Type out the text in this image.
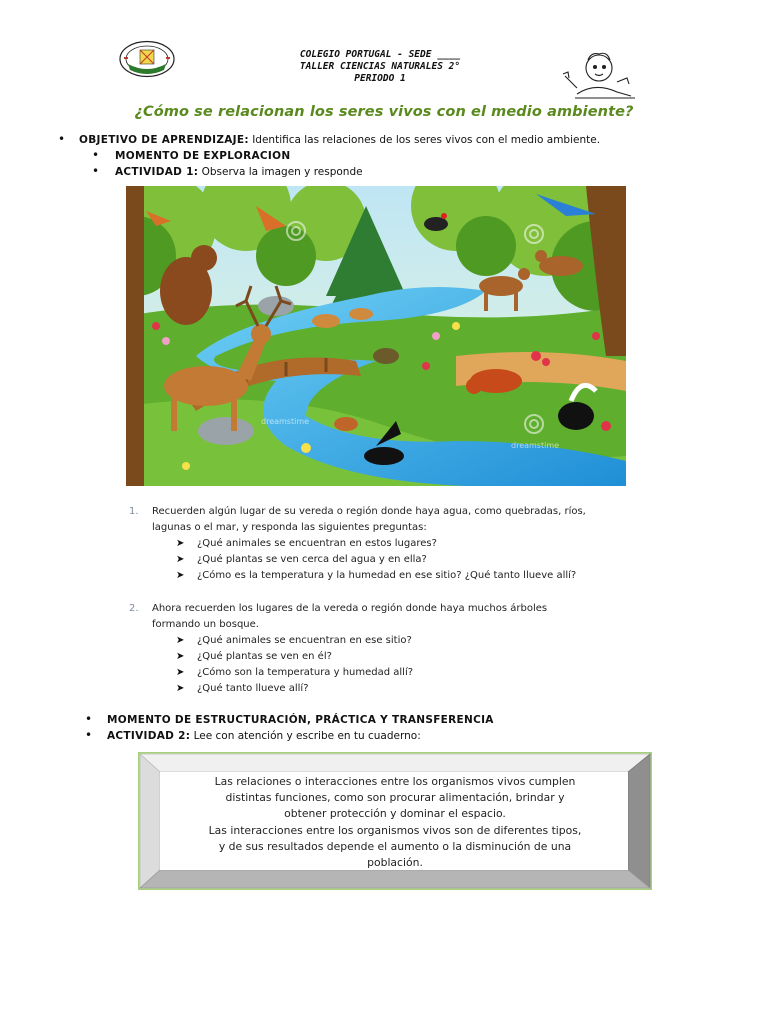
COLEGIO PORTUGAL - SEDE ____
TALLER CIENCIAS NATURALES 2°
PERIODO 1
¿Cómo se relacionan los seres vivos con el medio ambiente?
• OBJETIVO DE APRENDIZAJE: Identifica las relaciones de los seres vivos con el medio ambiente.
• MOMENTO DE EXPLORACION
• ACTIVIDAD 1: Observa la imagen y responde
dreamstime
dreamstime
1. Recuerden algún lugar de su vereda o región donde haya agua, como quebradas, ríos,
lagunas o el mar, y responda las siguientes preguntas:
➤ ¿Qué animales se encuentran en estos lugares?
➤ ¿Qué plantas se ven cerca del agua y en ella?
➤ ¿Cómo es la temperatura y la humedad en ese sitio? ¿Qué tanto llueve allí?
2. Ahora recuerden los lugares de la vereda o región donde haya muchos árboles
formando un bosque.
➤ ¿Qué animales se encuentran en ese sitio?
➤ ¿Qué plantas se ven en él?
➤ ¿Cómo son la temperatura y humedad allí?
➤ ¿Qué tanto llueve allí?
• MOMENTO DE ESTRUCTURACIÓN, PRÁCTICA Y TRANSFERENCIA
• ACTIVIDAD 2: Lee con atención y escribe en tu cuaderno:
Las relaciones o interacciones entre los organismos vivos cumplen
distintas funciones, como son procurar alimentación, brindar y
obtener protección y dominar el espacio.
Las interacciones entre los organismos vivos son de diferentes tipos,
y de sus resultados depende el aumento o la disminución de una
población.
